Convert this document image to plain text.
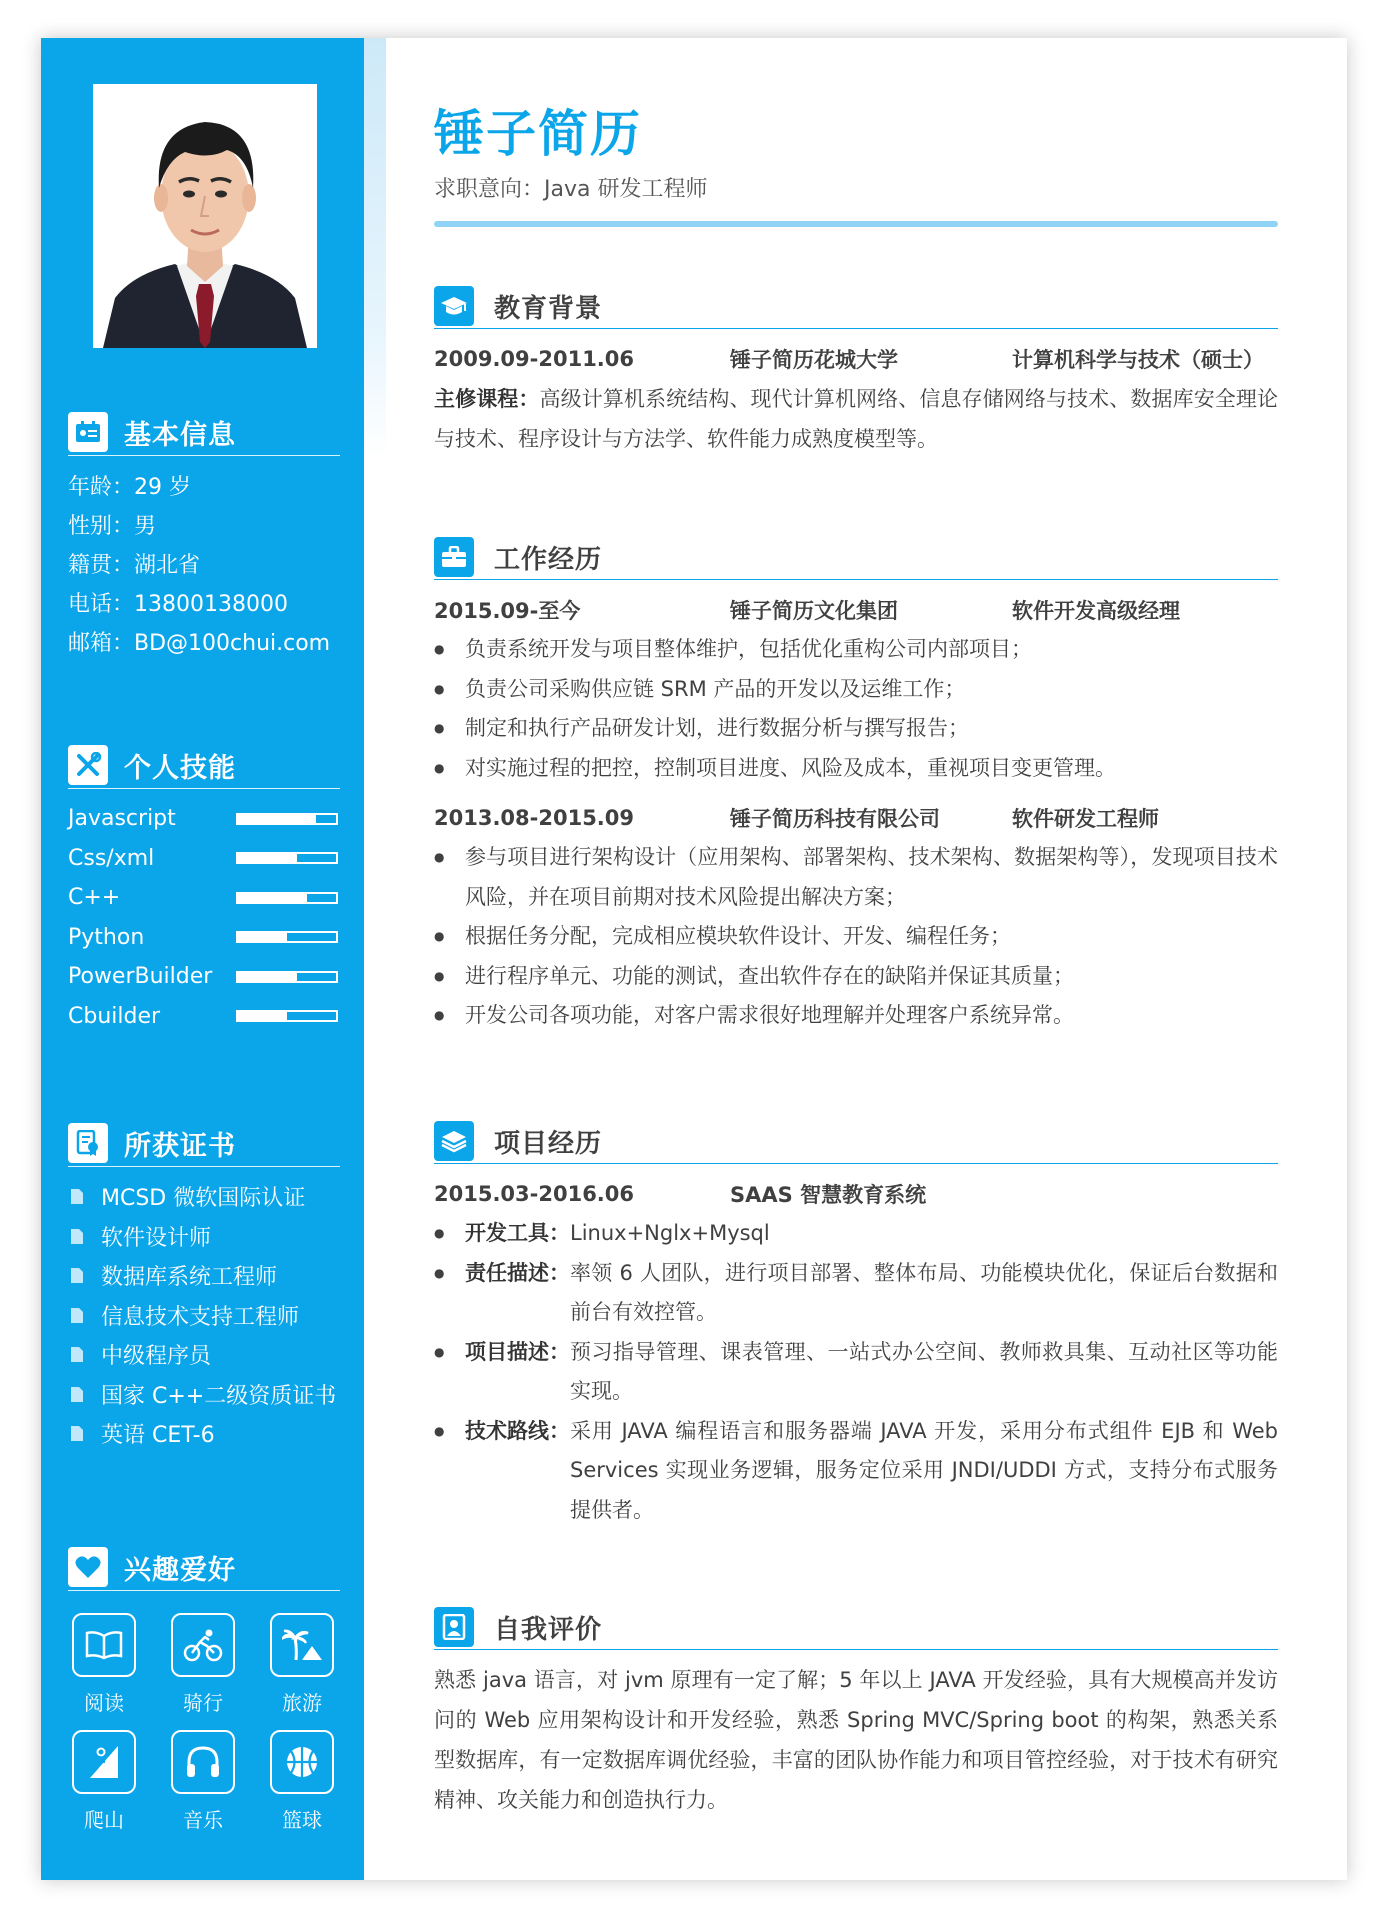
基本信息
年龄：29 岁
性别：男
籍贯：湖北省
电话：13800138000
邮箱：BD@100chui.com
个人技能
Javascript
Css/xml
C++
Python
PowerBuilder
Cbuilder
所获证书
MCSD 微软国际认证
软件设计师
数据库系统工程师
信息技术支持工程师
中级程序员
国家 C++二级资质证书
英语 CET-6
兴趣爱好
阅读	骑行	旅游
爬山	音乐	篮球
锤子简历
求职意向：Java 研发工程师
教育背景
2009.09-2011.06	锤子简历花城大学	计算机科学与技术（硕士）
主修课程：高级计算机系统结构、现代计算机网络、信息存储网络与技术、数据库安全理论与技术、程序设计与方法学、软件能力成熟度模型等。
工作经历
2015.09-至今	锤子简历文化集团	软件开发高级经理
● 负责系统开发与项目整体维护，包括优化重构公司内部项目；
● 负责公司采购供应链 SRM 产品的开发以及运维工作；
● 制定和执行产品研发计划，进行数据分析与撰写报告；
● 对实施过程的把控，控制项目进度、风险及成本，重视项目变更管理。
2013.08-2015.09	锤子简历科技有限公司	软件研发工程师
● 参与项目进行架构设计（应用架构、部署架构、技术架构、数据架构等），发现项目技术风险，并在项目前期对技术风险提出解决方案；
● 根据任务分配，完成相应模块软件设计、开发、编程任务；
● 进行程序单元、功能的测试，查出软件存在的缺陷并保证其质量；
● 开发公司各项功能，对客户需求很好地理解并处理客户系统异常。
项目经历
2015.03-2016.06	SAAS 智慧教育系统
● 开发工具： Linux+Nglx+Mysql
● 责任描述： 率领 6 人团队，进行项目部署、整体布局、功能模块优化，保证后台数据和前台有效控管。
● 项目描述： 预习指导管理、课表管理、一站式办公空间、教师救具集、互动社区等功能实现。
● 技术路线： 采用 JAVA 编程语言和服务器端 JAVA 开发，采用分布式组件 EJB 和 Web Services 实现业务逻辑，服务定位采用 JNDI/UDDI 方式，支持分布式服务提供者。
自我评价
熟悉 java 语言，对 jvm 原理有一定了解；5 年以上 JAVA 开发经验，具有大规模高并发访问的 Web 应用架构设计和开发经验，熟悉 Spring MVC/Spring boot 的构架，熟悉关系型数据库，有一定数据库调优经验，丰富的团队协作能力和项目管控经验，对于技术有研究精神、攻关能力和创造执行力。
